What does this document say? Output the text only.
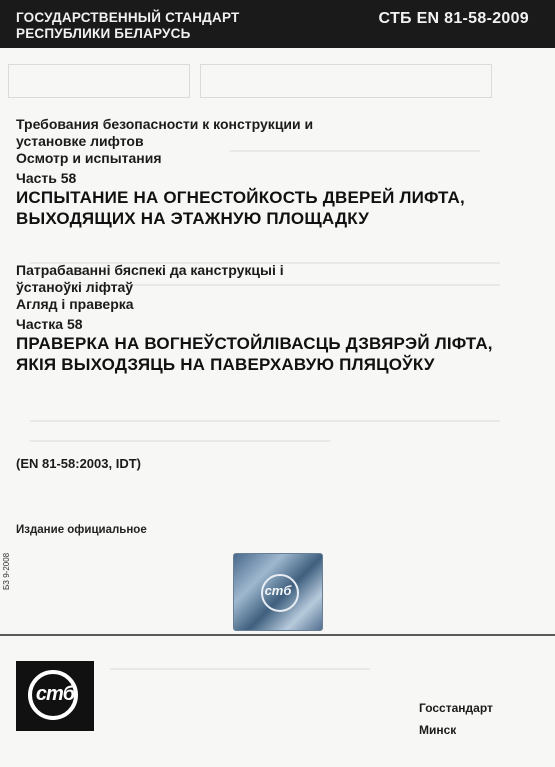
ГОСУДАРСТВЕННЫЙ СТАНДАРТ
РЕСПУБЛИКИ БЕЛАРУСЬ
СТБ EN 81-58-2009
Требования безопасности к конструкции и
установке лифтов
Осмотр и испытания
Часть 58
ИСПЫТАНИЕ НА ОГНЕСТОЙКОСТЬ ДВЕРЕЙ ЛИФТА,
ВЫХОДЯЩИХ НА ЭТАЖНУЮ ПЛОЩАДКУ
Патрабаванні бяспекі да канструкцыі і
ўстаноўкі ліфтаў
Агляд і праверка
Частка 58
ПРАВЕРКА НА ВОГНЕЎСТОЙЛІВАСЦЬ ДЗВЯРЭЙ ЛІФТА,
ЯКІЯ ВЫХОДЗЯЦЬ НА ПАВЕРХАВУЮ ПЛЯЦОЎКУ
(EN 81-58:2003, IDT)
Издание официальное
БЗ 9-2008
стб
стб
Госстандарт
Минск
